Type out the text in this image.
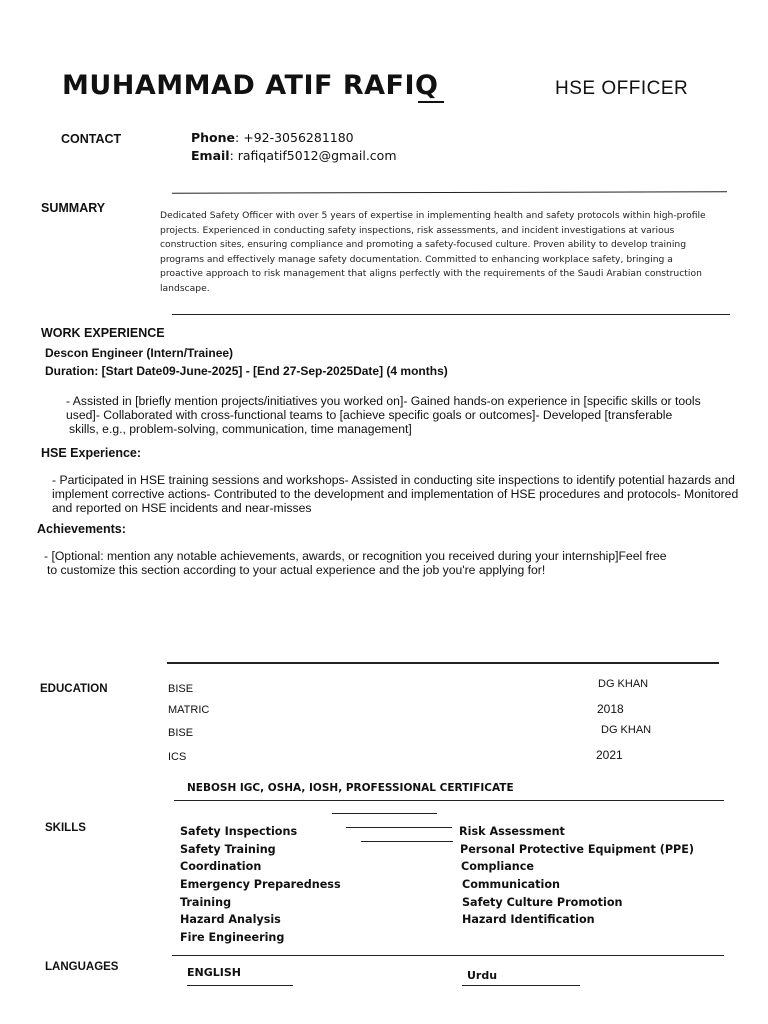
MUHAMMAD ATIF RAFIQ	HSE OFFICER
CONTACT	Phone: +92-3056281180
Email: rafiqatif5012@gmail.com
SUMMARY
Dedicated Safety Officer with over 5 years of expertise in implementing health and safety protocols within high-profile
projects. Experienced in conducting safety inspections, risk assessments, and incident investigations at various
construction sites, ensuring compliance and promoting a safety-focused culture. Proven ability to develop training
programs and effectively manage safety documentation. Committed to enhancing workplace safety, bringing a
proactive approach to risk management that aligns perfectly with the requirements of the Saudi Arabian construction
landscape.
WORK EXPERIENCE
Descon Engineer (Intern/Trainee)
Duration: [Start Date09-June-2025] - [End 27-Sep-2025Date] (4 months)
- Assisted in [briefly mention projects/initiatives you worked on]- Gained hands-on experience in [specific skills or tools
used]- Collaborated with cross-functional teams to [achieve specific goals or outcomes]- Developed [transferable
skills, e.g., problem-solving, communication, time management]
HSE Experience:
- Participated in HSE training sessions and workshops- Assisted in conducting site inspections to identify potential hazards and
implement corrective actions- Contributed to the development and implementation of HSE procedures and protocols- Monitored
and reported on HSE incidents and near-misses
Achievements:
- [Optional: mention any notable achievements, awards, or recognition you received during your internship]Feel free
to customize this section according to your actual experience and the job you're applying for!
EDUCATION	BISE	DG KHAN
MATRIC	2018
BISE	DG KHAN
ICS	2021
NEBOSH IGC, OSHA, IOSH, PROFESSIONAL CERTIFICATE
SKILLS	Safety Inspections
Safety Training
Coordination
Emergency Preparedness
Training
Hazard Analysis
Fire Engineering
Risk Assessment
Personal Protective Equipment (PPE)
Compliance
Communication
Safety Culture Promotion
Hazard Identification
LANGUAGES	ENGLISH	Urdu
